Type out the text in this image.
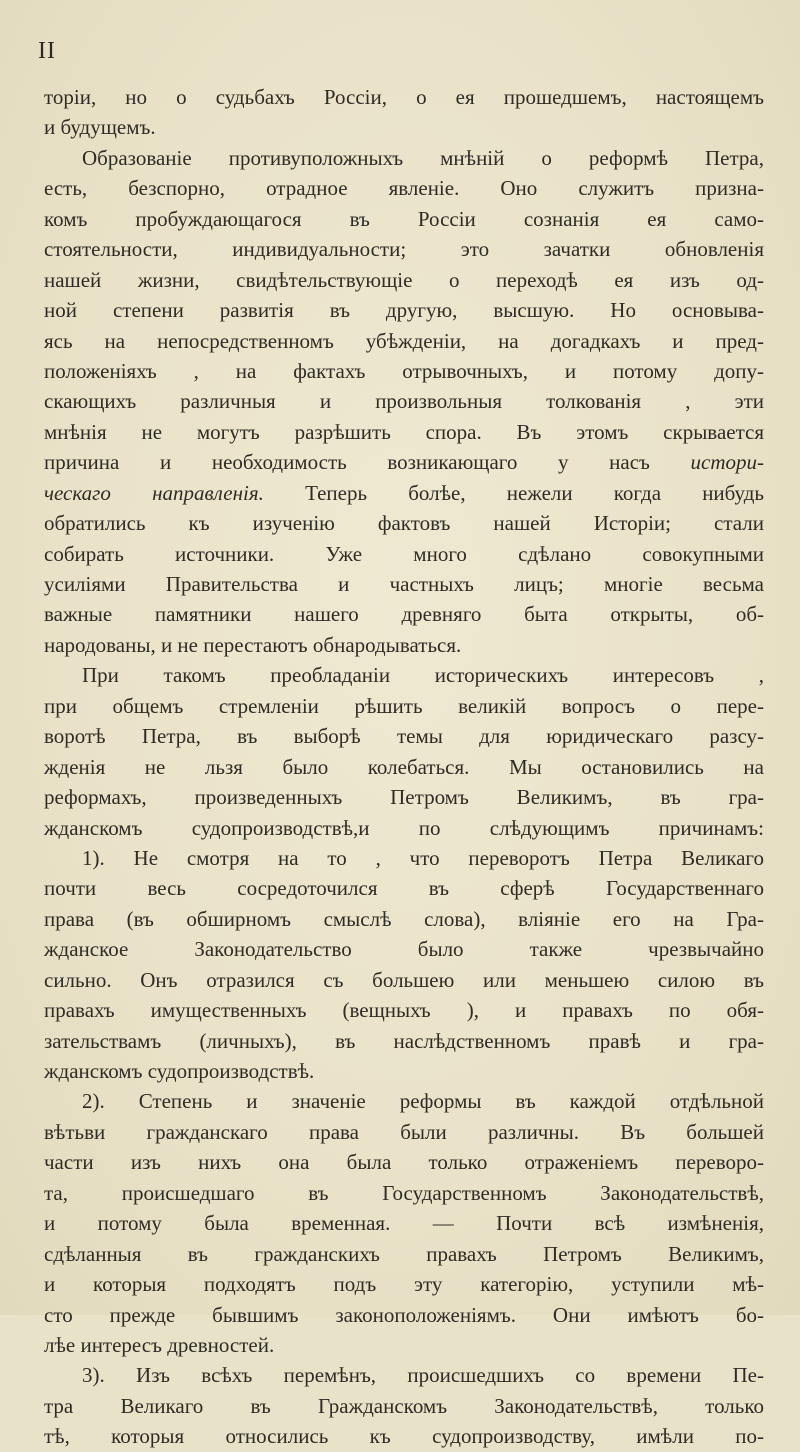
II
торіи, но о судьбахъ Россіи, о ея прошедшемъ, настоящемъ
и будущемъ.
Образованіе противуположныхъ мнѣній о реформѣ Петра,
есть, безспорно, отрадное явленіе. Оно служитъ призна-
комъ пробуждающагося въ Россіи сознанія ея само-
стоятельности, индивидуальности; это зачатки обновленія
нашей жизни, свидѣтельствующіе о переходѣ ея изъ од-
ной степени развитія въ другую, высшую. Но основыва-
ясь на непосредственномъ убѣжденіи, на догадкахъ и пред-
положеніяхъ , на фактахъ отрывочныхъ, и потому допу-
скающихъ различныя и произвольныя толкованія , эти
мнѣнія не могутъ разрѣшить спора. Въ этомъ скрывается
причина и необходимость возникающаго у насъ истори-
ческаго направленія. Теперь болѣе, нежели когда нибудь
обратились къ изученію фактовъ нашей Исторіи; стали
собирать источники. Уже много сдѣлано совокупными
усиліями Правительства и частныхъ лицъ; многіе весьма
важные памятники нашего древняго быта открыты, об-
народованы, и не перестаютъ обнародываться.
При такомъ преобладаніи историческихъ интересовъ ,
при общемъ стремленіи рѣшить великій вопросъ о пере-
воротѣ Петра, въ выборѣ темы для юридическаго разсу-
жденія не льзя было колебаться. Мы остановились на
реформахъ, произведенныхъ Петромъ Великимъ, въ гра-
жданскомъ судопроизводствѣ,и по слѣдующимъ причинамъ:
1). Не смотря на то , что переворотъ Петра Великаго
почти весь сосредоточился въ сферѣ Государственнаго
права (въ обширномъ смыслѣ слова), вліяніе его на Гра-
жданское Законодательство было также чрезвычайно
сильно. Онъ отразился съ большею или меньшею силою въ
правахъ имущественныхъ (вещныхъ ), и правахъ по обя-
зательствамъ (личныхъ), въ наслѣдственномъ правѣ и гра-
жданскомъ судопроизводствѣ.
2). Степень и значеніе реформы въ каждой отдѣльной
вѣтьви гражданскаго права были различны. Въ большей
части изъ нихъ она была только отраженіемъ переворо-
та, происшедшаго въ Государственномъ Законодательствѣ,
и потому была временная. — Почти всѣ измѣненія,
сдѣланныя въ гражданскихъ правахъ Петромъ Великимъ,
и которыя подходятъ подъ эту категорію, уступили мѣ-
сто прежде бывшимъ законоположеніямъ. Они имѣютъ бо-
лѣе интересъ древностей.
3). Изъ всѣхъ перемѣнъ, происшедшихъ со времени Пе-
тра Великаго въ Гражданскомъ Законодательствѣ, только
тѣ, которыя относились къ судопроизводству, имѣли по-
